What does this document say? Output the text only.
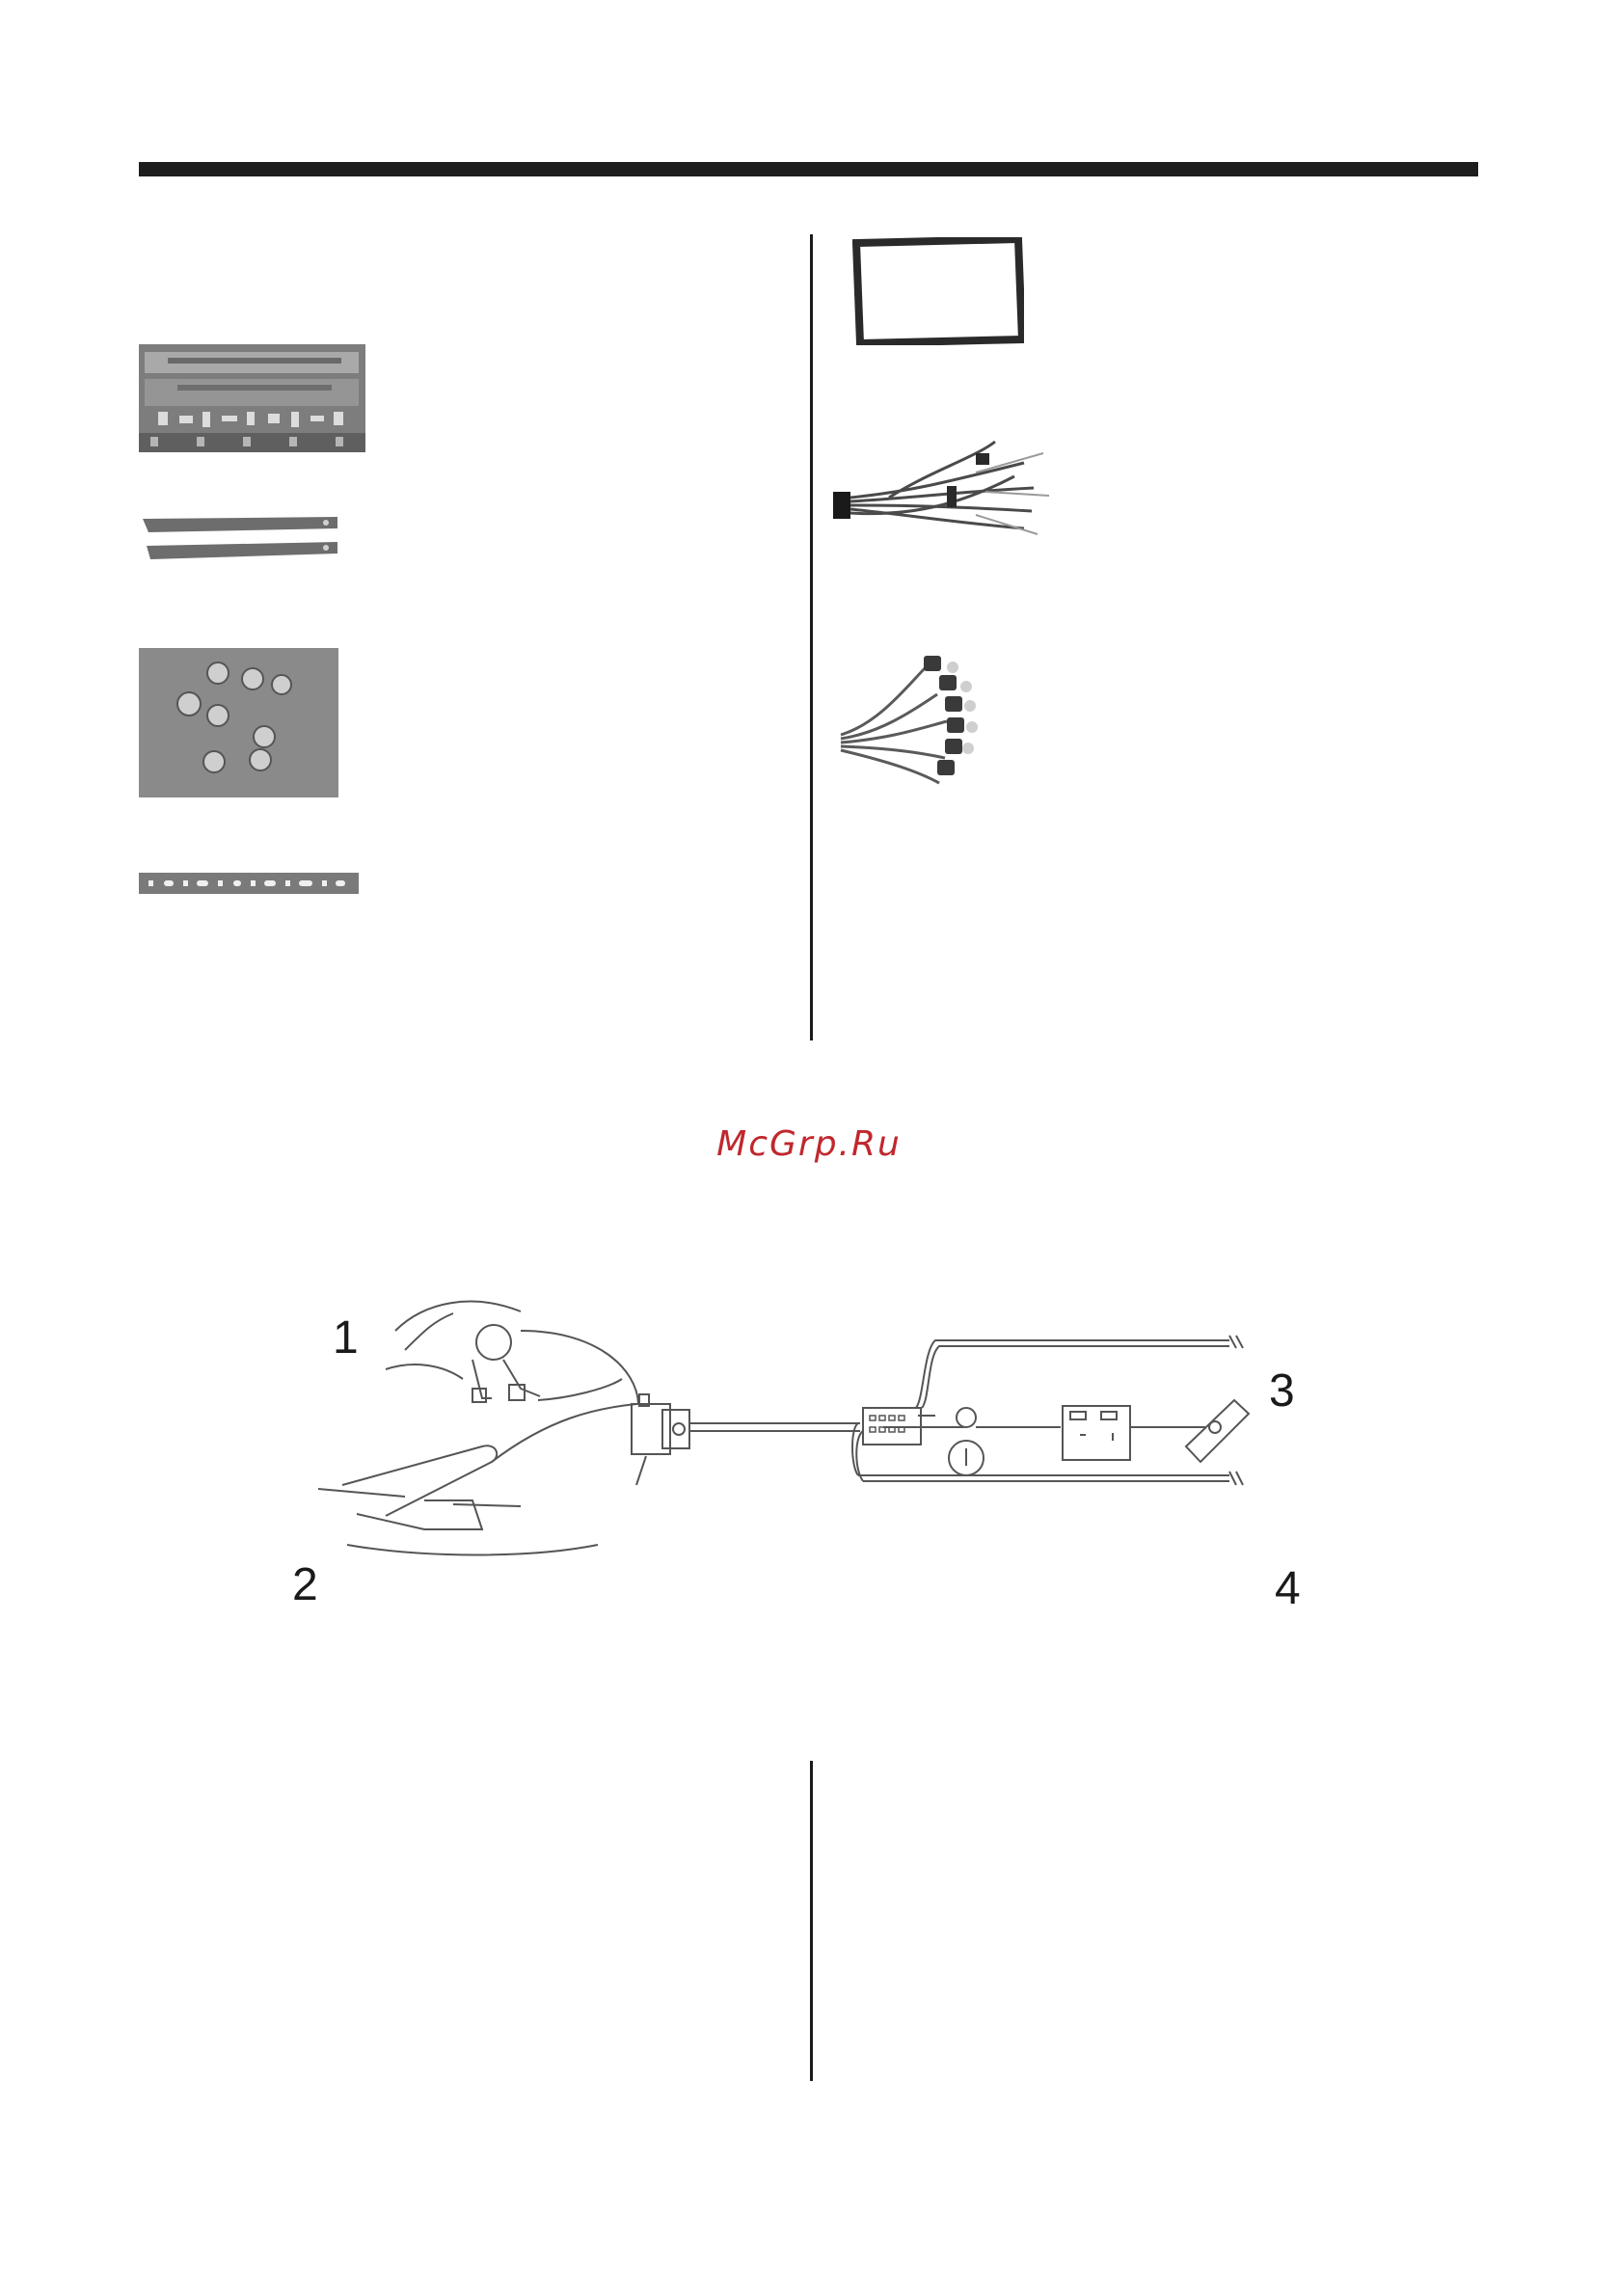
McGrp.Ru
1
2
3
4
